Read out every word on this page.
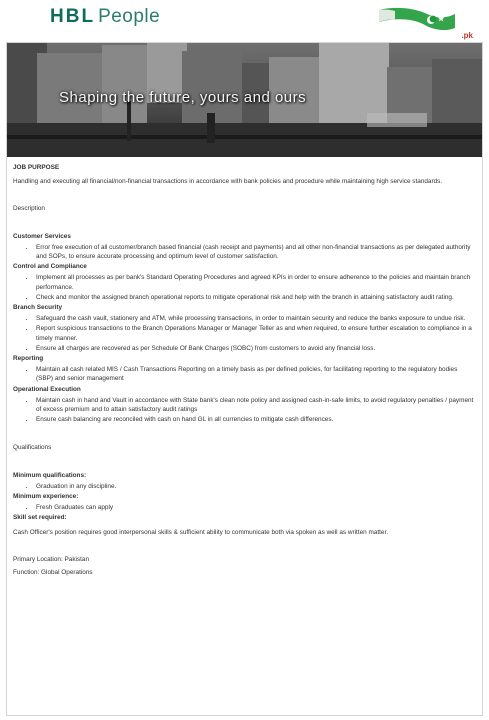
HBL People
.pk
Shaping the future, yours and ours

JOB PURPOSE

Handling and executing all financial/non-financial transactions in accordance with bank policies and procedure while maintaining high service standards.

Description

Customer Services

• Error free execution of all customer/branch based financial (cash receipt and payments) and all other non-financial transactions as per delegated authority and SOPs, to ensure accurate processing and optimum level of customer satisfaction.

Control and Compliance

• Implement all processes as per bank's Standard Operating Procedures and agreed KPIs in order to ensure adherence to the policies and maintain branch performance.
• Check and monitor the assigned branch operational reports to mitigate operational risk and help with the branch in attaining satisfactory audit rating.

Branch Security

• Safeguard the cash vault, stationery and ATM, while processing transactions, in order to maintain security and reduce the banks exposure to undue risk.
• Report suspicious transactions to the Branch Operations Manager or Manager Teller as and when required, to ensure further escalation to compliance in a timely manner.
• Ensure all charges are recovered as per Schedule Of Bank Charges (SOBC) from customers to avoid any financial loss.

Reporting

• Maintain all cash related MIS / Cash Transactions Reporting on a timely basis as per defined policies, for facilitating reporting to the regulatory bodies (SBP) and senior management

Operational Execution

• Maintain cash in hand and Vault in accordance with State bank's clean note policy and assigned cash-in-safe limits, to avoid regulatory penalties / payment of excess premium and to attain satisfactory audit ratings
• Ensure cash balancing are reconciled with cash on hand GL in all currencies to mitigate cash differences.

Qualifications

Minimum qualifications:

• Graduation in any discipline.

Minimum experience:

• Fresh Graduates can apply

Skill set required:

Cash Officer's position requires good interpersonal skills & sufficient ability to communicate both via spoken as well as written matter.

Primary Location: Pakistan

Function: Global Operations
